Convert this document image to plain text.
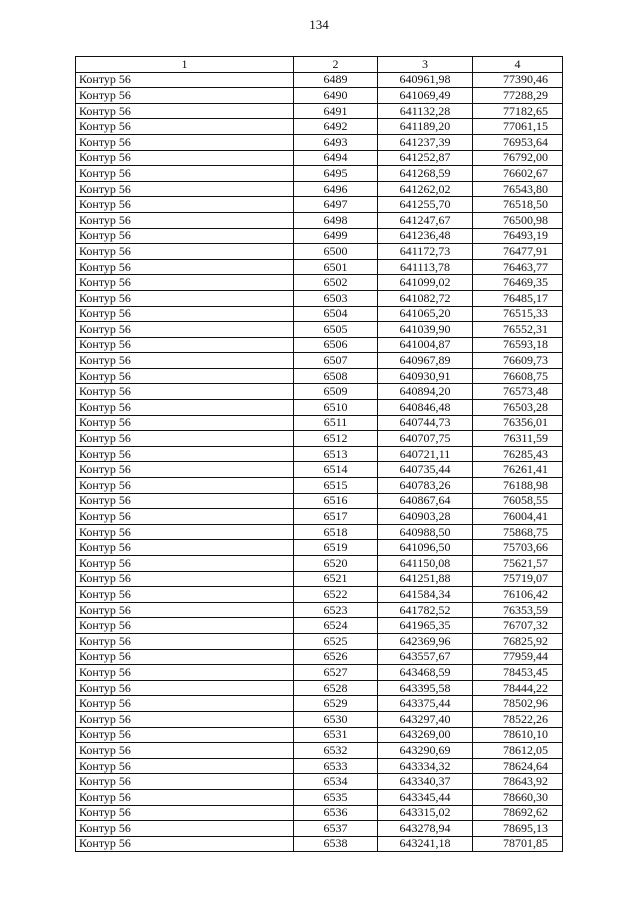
134
1	2	3	4
Контур 56	6489	640961,98	77390,46
Контур 56	6490	641069,49	77288,29
Контур 56	6491	641132,28	77182,65
Контур 56	6492	641189,20	77061,15
Контур 56	6493	641237,39	76953,64
Контур 56	6494	641252,87	76792,00
Контур 56	6495	641268,59	76602,67
Контур 56	6496	641262,02	76543,80
Контур 56	6497	641255,70	76518,50
Контур 56	6498	641247,67	76500,98
Контур 56	6499	641236,48	76493,19
Контур 56	6500	641172,73	76477,91
Контур 56	6501	641113,78	76463,77
Контур 56	6502	641099,02	76469,35
Контур 56	6503	641082,72	76485,17
Контур 56	6504	641065,20	76515,33
Контур 56	6505	641039,90	76552,31
Контур 56	6506	641004,87	76593,18
Контур 56	6507	640967,89	76609,73
Контур 56	6508	640930,91	76608,75
Контур 56	6509	640894,20	76573,48
Контур 56	6510	640846,48	76503,28
Контур 56	6511	640744,73	76356,01
Контур 56	6512	640707,75	76311,59
Контур 56	6513	640721,11	76285,43
Контур 56	6514	640735,44	76261,41
Контур 56	6515	640783,26	76188,98
Контур 56	6516	640867,64	76058,55
Контур 56	6517	640903,28	76004,41
Контур 56	6518	640988,50	75868,75
Контур 56	6519	641096,50	75703,66
Контур 56	6520	641150,08	75621,57
Контур 56	6521	641251,88	75719,07
Контур 56	6522	641584,34	76106,42
Контур 56	6523	641782,52	76353,59
Контур 56	6524	641965,35	76707,32
Контур 56	6525	642369,96	76825,92
Контур 56	6526	643557,67	77959,44
Контур 56	6527	643468,59	78453,45
Контур 56	6528	643395,58	78444,22
Контур 56	6529	643375,44	78502,96
Контур 56	6530	643297,40	78522,26
Контур 56	6531	643269,00	78610,10
Контур 56	6532	643290,69	78612,05
Контур 56	6533	643334,32	78624,64
Контур 56	6534	643340,37	78643,92
Контур 56	6535	643345,44	78660,30
Контур 56	6536	643315,02	78692,62
Контур 56	6537	643278,94	78695,13
Контур 56	6538	643241,18	78701,85
